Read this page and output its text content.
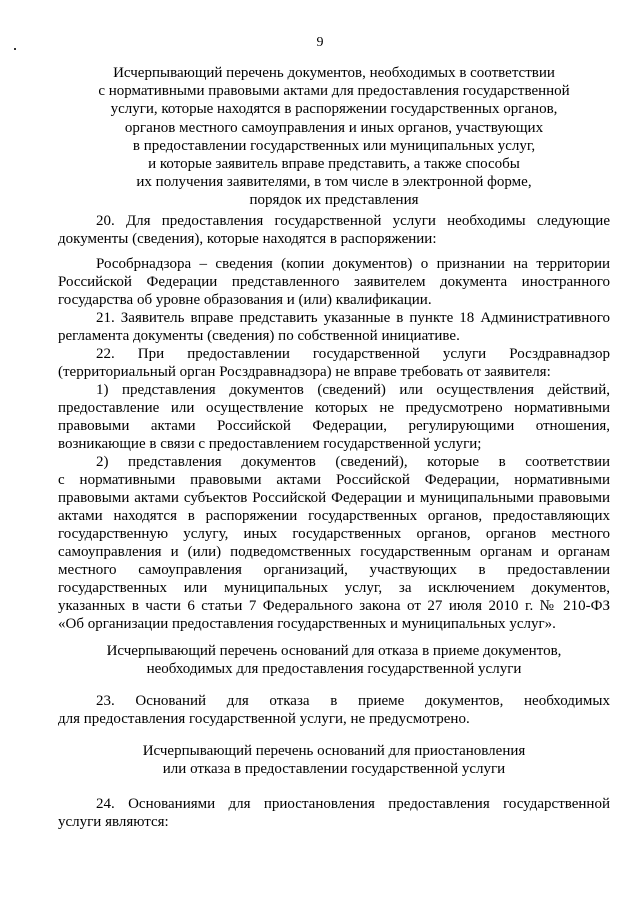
9
Исчерпывающий перечень документов, необходимых в соответствии
с нормативными правовыми актами для предоставления государственной
услуги, которые находятся в распоряжении государственных органов,
органов местного самоуправления и иных органов, участвующих
в предоставлении государственных или муниципальных услуг,
и которые заявитель вправе представить, а также способы
их получения заявителями, в том числе в электронной форме,
порядок их представления
20. Для предоставления государственной услуги необходимы следующие
документы (сведения), которые находятся в распоряжении:
Рособрнадзора – сведения (копии документов) о признании на территории
Российской Федерации представленного заявителем документа иностранного
государства об уровне образования и (или) квалификации.
21. Заявитель вправе представить указанные в пункте 18 Административного
регламента документы (сведения) по собственной инициативе.
22. При предоставлении государственной услуги Росздравнадзор
(территориальный орган Росздравнадзора) не вправе требовать от заявителя:
1) представления документов (сведений) или осуществления действий,
предоставление или осуществление которых не предусмотрено нормативными
правовыми актами Российской Федерации, регулирующими отношения,
возникающие в связи с предоставлением государственной услуги;
2) представления документов (сведений), которые в соответствии
с нормативными правовыми актами Российской Федерации, нормативными
правовыми актами субъектов Российской Федерации и муниципальными правовыми
актами находятся в распоряжении государственных органов, предоставляющих
государственную услугу, иных государственных органов, органов местного
самоуправления и (или) подведомственных государственным органам и органам
местного самоуправления организаций, участвующих в предоставлении
государственных или муниципальных услуг, за исключением документов,
указанных в части 6 статьи 7 Федерального закона от 27 июля 2010 г. № 210-ФЗ
«Об организации предоставления государственных и муниципальных услуг».
Исчерпывающий перечень оснований для отказа в приеме документов,
необходимых для предоставления государственной услуги
23. Оснований для отказа в приеме документов, необходимых
для предоставления государственной услуги, не предусмотрено.
Исчерпывающий перечень оснований для приостановления
или отказа в предоставлении государственной услуги
24. Основаниями для приостановления предоставления государственной
услуги являются:
